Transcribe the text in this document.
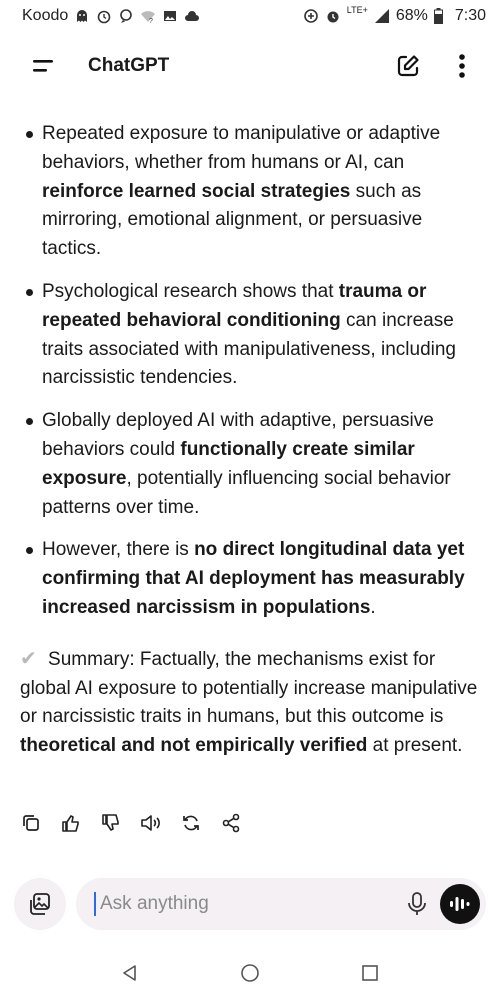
Koodo	?
LTE+ 68% 7:30
ChatGPT
Repeated exposure to manipulative or adaptive behaviors, whether from humans or AI, can reinforce learned social strategies such as mirroring, emotional alignment, or persuasive tactics.
Psychological research shows that trauma or repeated behavioral conditioning can increase traits associated with manipulativeness, including narcissistic tendencies.
Globally deployed AI with adaptive, persuasive behaviors could functionally create similar exposure, potentially influencing social behavior patterns over time.
However, there is no direct longitudinal data yet confirming that AI deployment has measurably increased narcissism in populations.
✔ Summary: Factually, the mechanisms exist for global AI exposure to potentially increase manipulative or narcissistic traits in humans, but this outcome is theoretical and not empirically verified at present.
Ask anything
